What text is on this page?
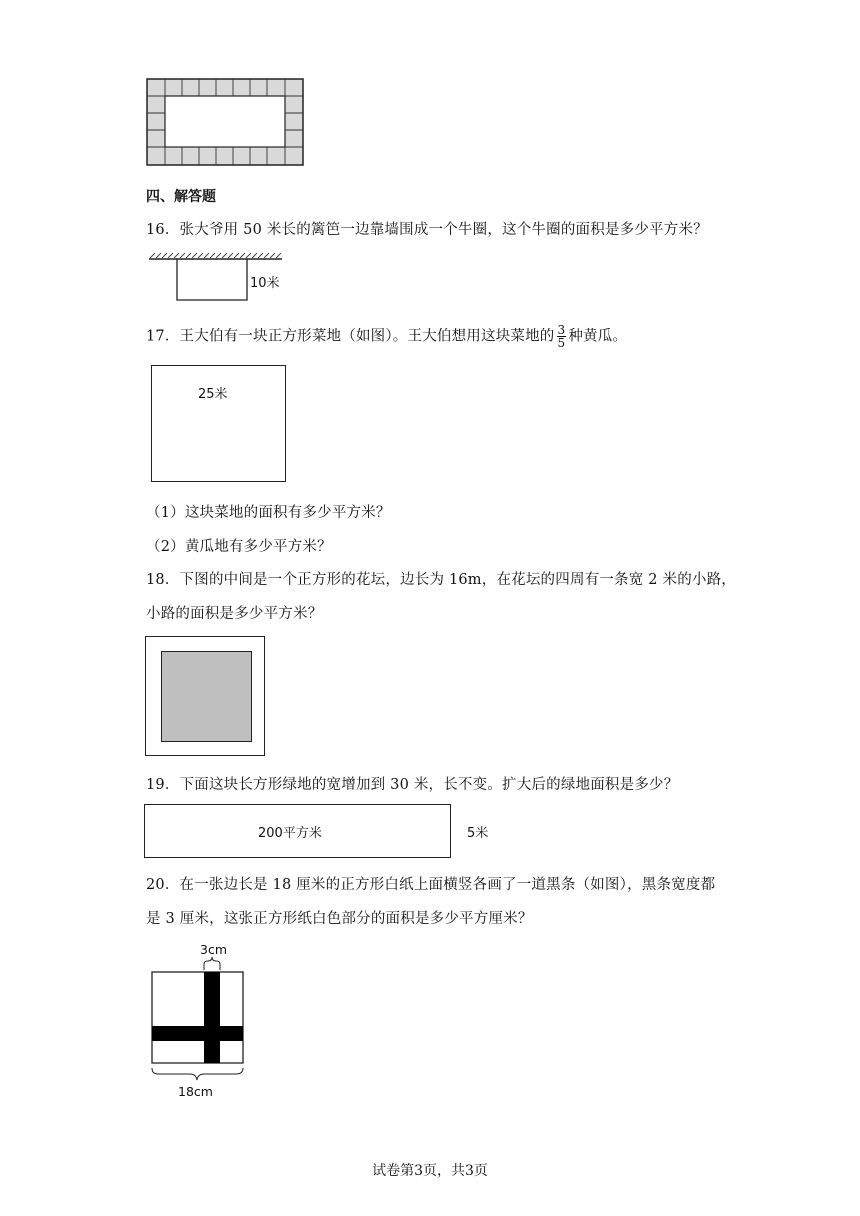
四、解答题
16．张大爷用 50 米长的篱笆一边靠墙围成一个牛圈，这个牛圈的面积是多少平方米？
10米
17．王大伯有一块正方形菜地（如图）。王大伯想用这块菜地的 $\frac{3}{5}$ 种黄瓜。
25米
（1）这块菜地的面积有多少平方米？
（2）黄瓜地有多少平方米？
18．下图的中间是一个正方形的花坛，边长为 16m，在花坛的四周有一条宽 2 米的小路，
小路的面积是多少平方米？
19．下面这块长方形绿地的宽增加到 30 米，长不变。扩大后的绿地面积是多少？
200平方米	5米
20．在一张边长是 18 厘米的正方形白纸上面横竖各画了一道黑条（如图），黑条宽度都
是 3 厘米，这张正方形纸白色部分的面积是多少平方厘米？
3cm
18cm
试卷第3页，共3页
